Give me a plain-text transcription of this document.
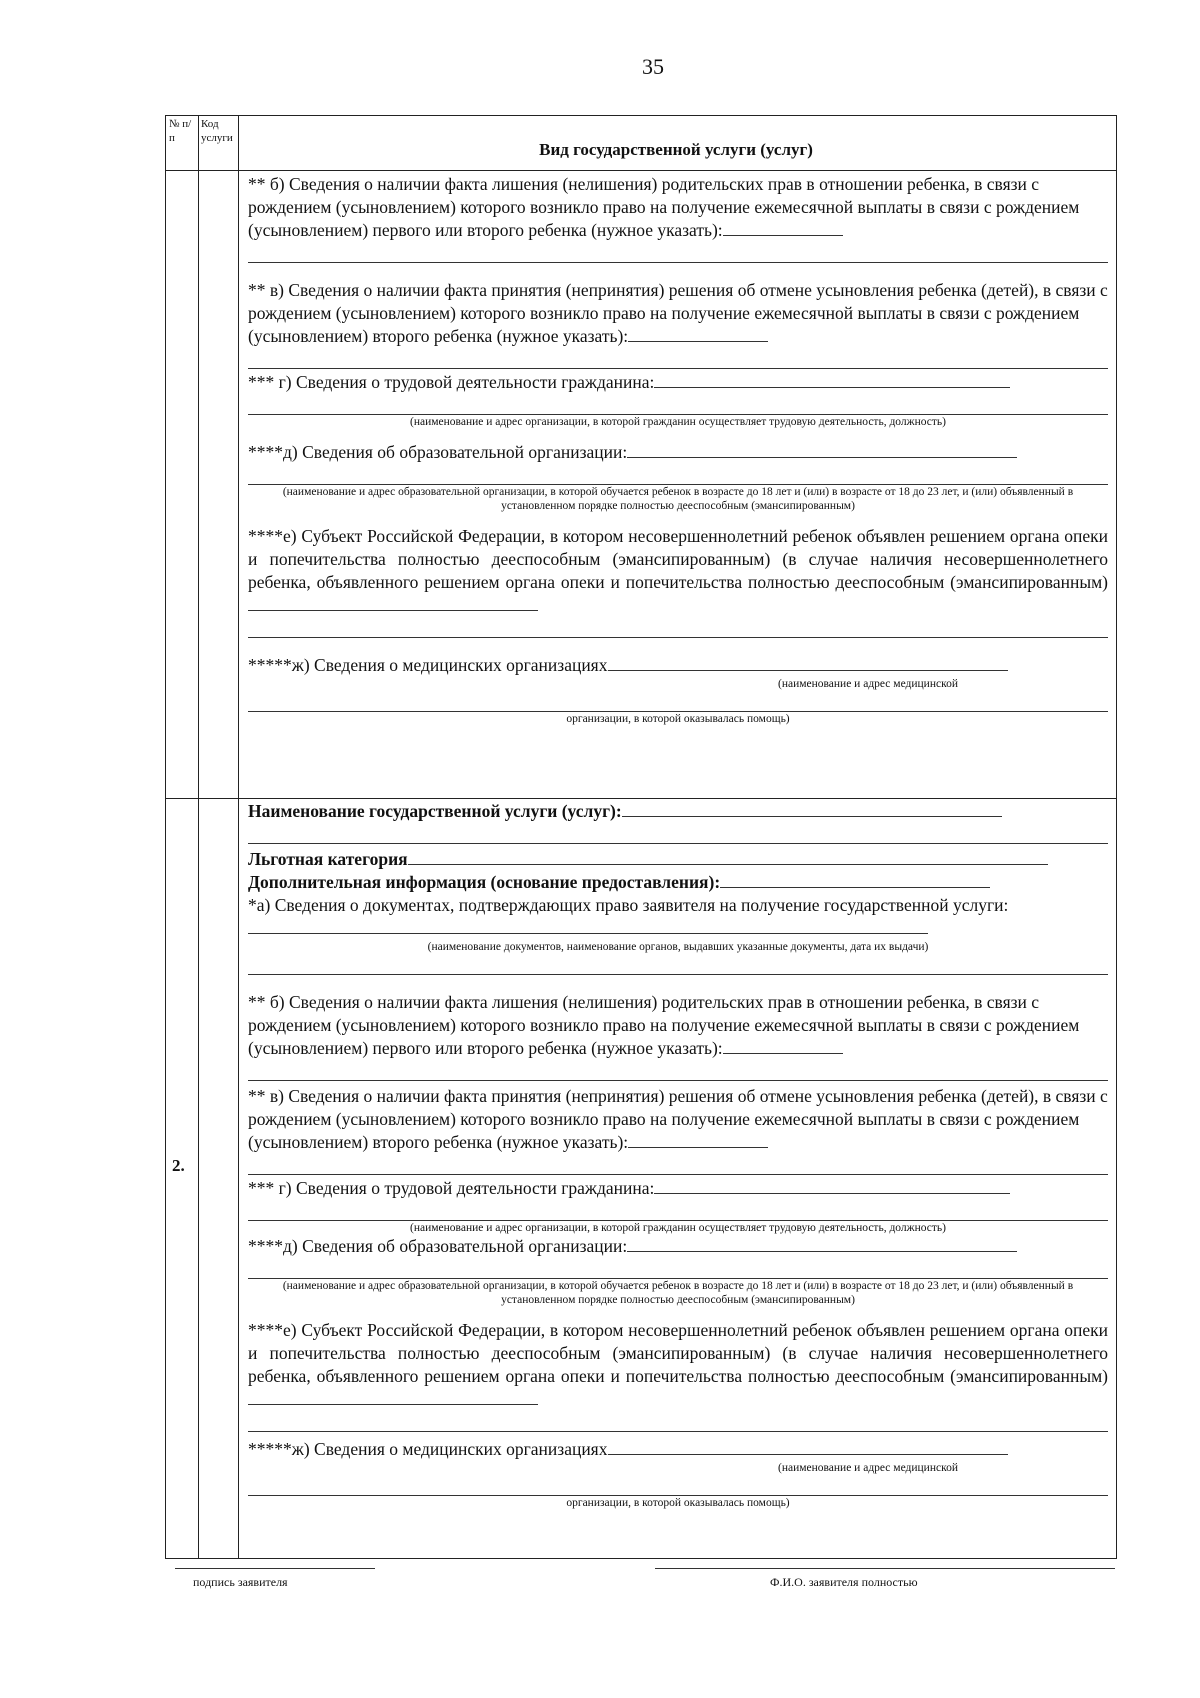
35
№ п/п
Код услуги
Вид государственной услуги (услуг)

** б) Сведения о наличии факта лишения (нелишения) родительских прав в отношении ребенка, в связи с рождением (усыновлением) которого возникло право на получение ежемесячной выплаты в связи с рождением (усыновлением) первого или второго ребенка (нужное указать):

** в) Сведения о наличии факта принятия (непринятия) решения об отмене усыновления ребенка (детей), в связи с рождением (усыновлением) которого возникло право на получение ежемесячной выплаты в связи с рождением (усыновлением) второго ребенка (нужное указать):

*** г) Сведения о трудовой деятельности гражданина:

(наименование и адрес организации, в которой гражданин осуществляет трудовую деятельность, должность)

****д) Сведения об образовательной организации:

(наименование и адрес образовательной организации, в которой обучается ребенок в возрасте до 18 лет и (или) в возрасте от 18 до 23 лет, и (или) объявленный в установленном порядке полностью дееспособным (эмансипированным)

****е) Субъект Российской Федерации, в котором несовершеннолетний ребенок объявлен решением органа опеки и попечительства полностью дееспособным (эмансипированным) (в случае наличия несовершеннолетнего ребенка, объявленного решением органа опеки и попечительства полностью дееспособным (эмансипированным)

*****ж) Сведения о медицинских организациях

(наименование и адрес медицинской
организации, в которой оказывалась помощь)
2.

Наименование государственной услуги (услуг):

Льготная категория

Дополнительная информация (основание предоставления):

*а) Сведения о документах, подтверждающих право заявителя на получение государственной услуги:

(наименование документов, наименование органов, выдавших указанные документы, дата их выдачи)

** б) Сведения о наличии факта лишения (нелишения) родительских прав в отношении ребенка, в связи с рождением (усыновлением) которого возникло право на получение ежемесячной выплаты в связи с рождением (усыновлением) первого или второго ребенка (нужное указать):

** в) Сведения о наличии факта принятия (непринятия) решения об отмене усыновления ребенка (детей), в связи с рождением (усыновлением) которого возникло право на получение ежемесячной выплаты в связи с рождением (усыновлением) второго ребенка (нужное указать):

*** г) Сведения о трудовой деятельности гражданина:

(наименование и адрес организации, в которой гражданин осуществляет трудовую деятельность, должность)

****д) Сведения об образовательной организации:

(наименование и адрес образовательной организации, в которой обучается ребенок в возрасте до 18 лет и (или) в возрасте от 18 до 23 лет, и (или) объявленный в установленном порядке полностью дееспособным (эмансипированным)

****е) Субъект Российской Федерации, в котором несовершеннолетний ребенок объявлен решением органа опеки и попечительства полностью дееспособным (эмансипированным) (в случае наличия несовершеннолетнего ребенка, объявленного решением органа опеки и попечительства полностью дееспособным (эмансипированным)

*****ж) Сведения о медицинских организациях

(наименование и адрес медицинской
организации, в которой оказывалась помощь)
подпись заявителя	Ф.И.О. заявителя полностью
